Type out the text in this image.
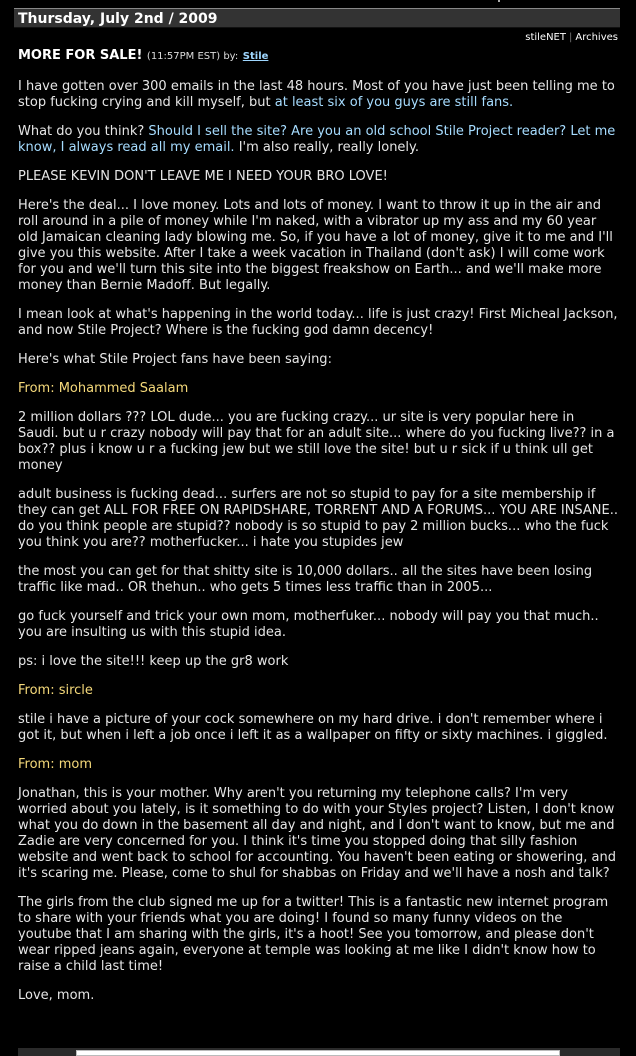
Thursday, July 2nd / 2009
stileNET | Archives
MORE FOR SALE! (11:57PM EST) by: Stile

I have gotten over 300 emails in the last 48 hours. Most of you have just been telling me to stop fucking crying and kill myself, but at least six of you guys are still fans.

What do you think? Should I sell the site? Are you an old school Stile Project reader? Let me know, I always read all my email. I'm also really, really lonely.

PLEASE KEVIN DON'T LEAVE ME I NEED YOUR BRO LOVE!

Here's the deal... I love money. Lots and lots of money. I want to throw it up in the air and roll around in a pile of money while I'm naked, with a vibrator up my ass and my 60 year old Jamaican cleaning lady blowing me. So, if you have a lot of money, give it to me and I'll give you this website. After I take a week vacation in Thailand (don't ask) I will come work for you and we'll turn this site into the biggest freakshow on Earth... and we'll make more money than Bernie Madoff. But legally.

I mean look at what's happening in the world today... life is just crazy! First Micheal Jackson, and now Stile Project? Where is the fucking god damn decency!

Here's what Stile Project fans have been saying:

From: Mohammed Saalam

2 million dollars ??? LOL dude... you are fucking crazy... ur site is very popular here in Saudi. but u r crazy nobody will pay that for an adult site... where do you fucking live?? in a box?? plus i know u r a fucking jew but we still love the site! but u r sick if u think ull get money

adult business is fucking dead... surfers are not so stupid to pay for a site membership if they can get ALL FOR FREE ON RAPIDSHARE, TORRENT AND A FORUMS... YOU ARE INSANE.. do you think people are stupid?? nobody is so stupid to pay 2 million bucks... who the fuck you think you are?? motherfucker... i hate you stupides jew

the most you can get for that shitty site is 10,000 dollars.. all the sites have been losing traffic like mad.. OR thehun.. who gets 5 times less traffic than in 2005...

go fuck yourself and trick your own mom, motherfuker... nobody will pay you that much.. you are insulting us with this stupid idea.

ps: i love the site!!! keep up the gr8 work

From: sircle

stile i have a picture of your cock somewhere on my hard drive. i don't remember where i got it, but when i left a job once i left it as a wallpaper on fifty or sixty machines. i giggled.

From: mom

Jonathan, this is your mother. Why aren't you returning my telephone calls? I'm very worried about you lately, is it something to do with your Styles project? Listen, I don't know what you do down in the basement all day and night, and I don't want to know, but me and Zadie are very concerned for you. I think it's time you stopped doing that silly fashion website and went back to school for accounting. You haven't been eating or showering, and it's scaring me. Please, come to shul for shabbas on Friday and we'll have a nosh and talk?

The girls from the club signed me up for a twitter! This is a fantastic new internet program to share with your friends what you are doing! I found so many funny videos on the youtube that I am sharing with the girls, it's a hoot! See you tomorrow, and please don't wear ripped jeans again, everyone at temple was looking at me like I didn't know how to raise a child last time!

Love, mom.
